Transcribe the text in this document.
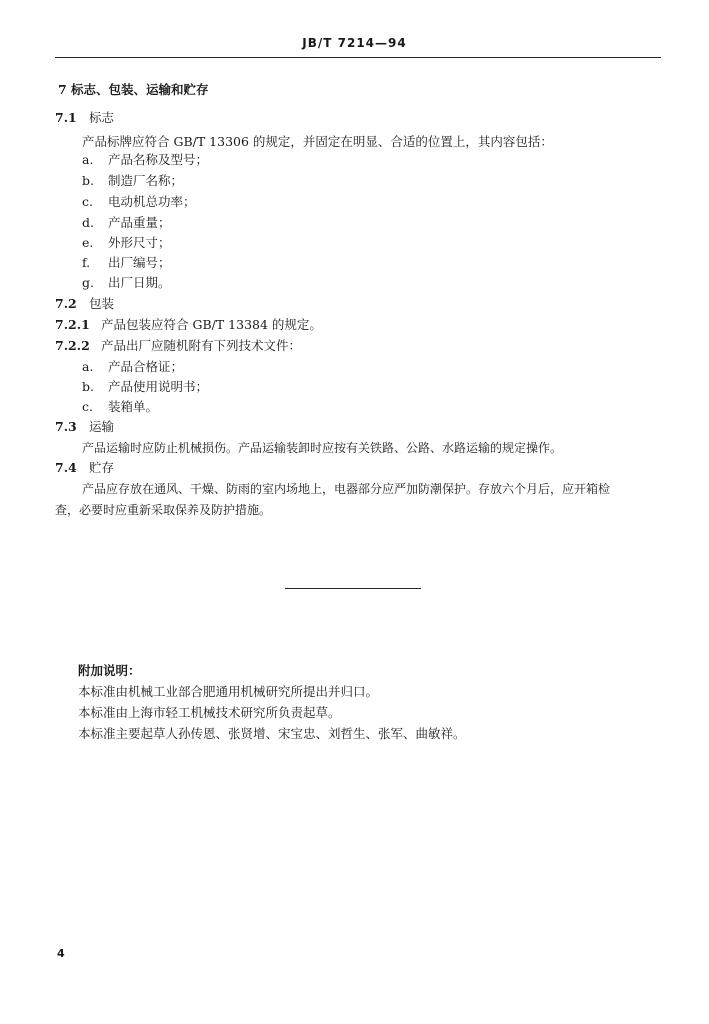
JB/T 7214—94
7 标志、包装、运输和贮存
7.1 标志
产品标牌应符合 GB/T 13306 的规定，并固定在明显、合适的位置上，其内容包括：
a. 产品名称及型号；
b. 制造厂名称；
c. 电动机总功率；
d. 产品重量；
e. 外形尺寸；
f. 出厂编号；
g. 出厂日期。
7.2 包装
7.2.1 产品包装应符合 GB/T 13384 的规定。
7.2.2 产品出厂应随机附有下列技术文件：
a. 产品合格证；
b. 产品使用说明书；
c. 装箱单。
7.3 运输
产品运输时应防止机械损伤。产品运输装卸时应按有关铁路、公路、水路运输的规定操作。
7.4 贮存
产品应存放在通风、干燥、防雨的室内场地上，电器部分应严加防潮保护。存放六个月后，应开箱检
查，必要时应重新采取保养及防护措施。
附加说明：
本标准由机械工业部合肥通用机械研究所提出并归口。
本标准由上海市轻工机械技术研究所负责起草。
本标准主要起草人孙传恩、张贤增、宋宝忠、刘哲生、张军、曲敏祥。
4
